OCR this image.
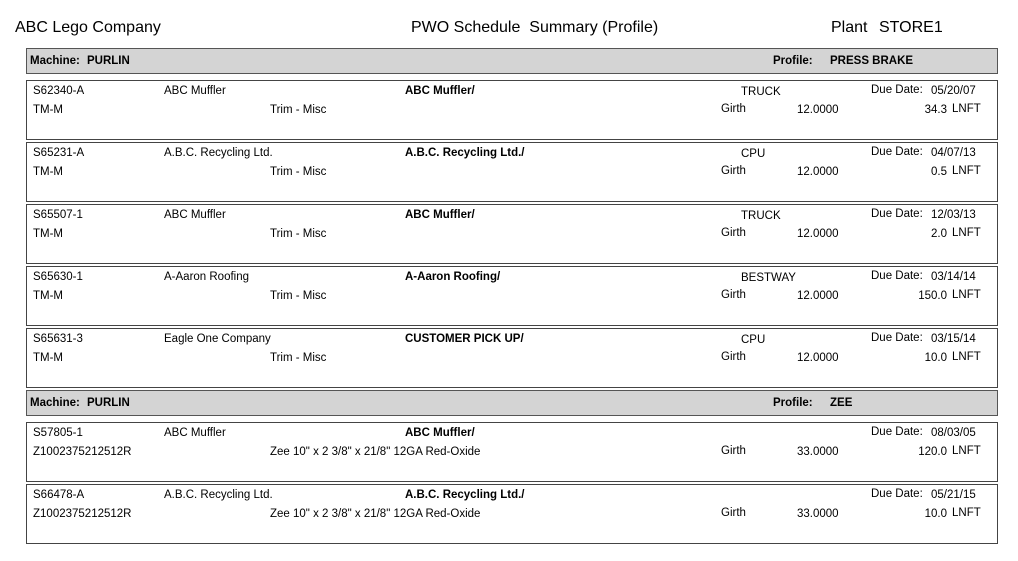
ABC Lego Company	PWO Schedule  Summary (Profile)	Plant STORE1
Machine: PURLIN	Profile: PRESS BRAKE
S62340-A	ABC Muffler	ABC Muffler/	TRUCK	Due Date: 05/20/07
TM-M	Trim - Misc	Girth	12.0000	34.3 LNFT
S65231-A	A.B.C. Recycling Ltd.	A.B.C. Recycling Ltd./	CPU	Due Date: 04/07/13
TM-M	Trim - Misc	Girth	12.0000	0.5 LNFT
S65507-1	ABC Muffler	ABC Muffler/	TRUCK	Due Date: 12/03/13
TM-M	Trim - Misc	Girth	12.0000	2.0 LNFT
S65630-1	A-Aaron Roofing	A-Aaron Roofing/	BESTWAY	Due Date: 03/14/14
TM-M	Trim - Misc	Girth	12.0000	150.0 LNFT
S65631-3	Eagle One Company	CUSTOMER PICK UP/	CPU	Due Date: 03/15/14
TM-M	Trim - Misc	Girth	12.0000	10.0 LNFT
Machine: PURLIN	Profile: ZEE
S57805-1	ABC Muffler	ABC Muffler/	Due Date: 08/03/05
Z1002375212512R	Zee 10" x 2 3/8" x 21/8" 12GA Red-Oxide	Girth	33.0000	120.0 LNFT
S66478-A	A.B.C. Recycling Ltd.	A.B.C. Recycling Ltd./	Due Date: 05/21/15
Z1002375212512R	Zee 10" x 2 3/8" x 21/8" 12GA Red-Oxide	Girth	33.0000	10.0 LNFT
